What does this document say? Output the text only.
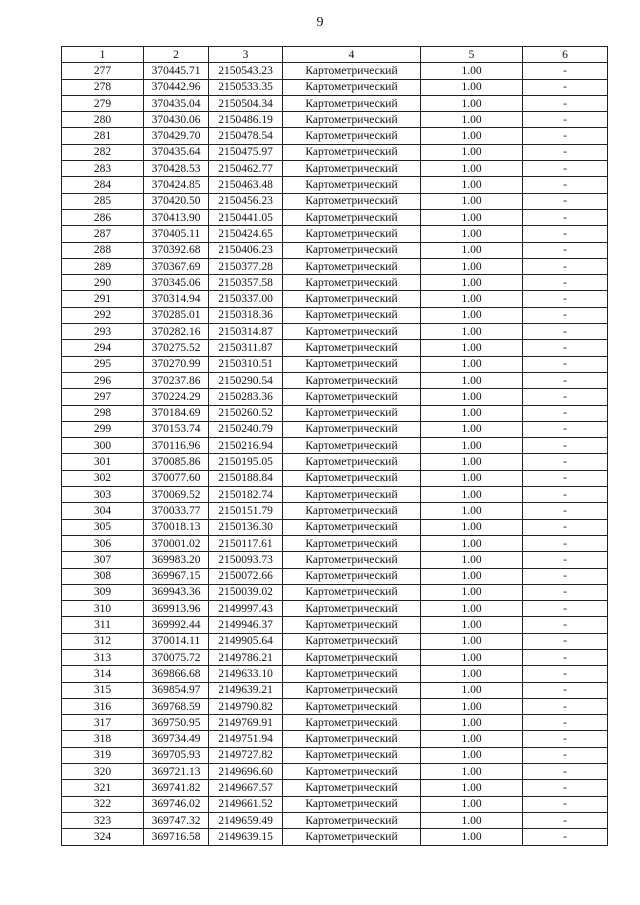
9
1	2	3	4	5	6
277	370445.71	2150543.23	Картометрический	1.00	-
278	370442.96	2150533.35	Картометрический	1.00	-
279	370435.04	2150504.34	Картометрический	1.00	-
280	370430.06	2150486.19	Картометрический	1.00	-
281	370429.70	2150478.54	Картометрический	1.00	-
282	370435.64	2150475.97	Картометрический	1.00	-
283	370428.53	2150462.77	Картометрический	1.00	-
284	370424.85	2150463.48	Картометрический	1.00	-
285	370420.50	2150456.23	Картометрический	1.00	-
286	370413.90	2150441.05	Картометрический	1.00	-
287	370405.11	2150424.65	Картометрический	1.00	-
288	370392.68	2150406.23	Картометрический	1.00	-
289	370367.69	2150377.28	Картометрический	1.00	-
290	370345.06	2150357.58	Картометрический	1.00	-
291	370314.94	2150337.00	Картометрический	1.00	-
292	370285.01	2150318.36	Картометрический	1.00	-
293	370282.16	2150314.87	Картометрический	1.00	-
294	370275.52	2150311.87	Картометрический	1.00	-
295	370270.99	2150310.51	Картометрический	1.00	-
296	370237.86	2150290.54	Картометрический	1.00	-
297	370224.29	2150283.36	Картометрический	1.00	-
298	370184.69	2150260.52	Картометрический	1.00	-
299	370153.74	2150240.79	Картометрический	1.00	-
300	370116.96	2150216.94	Картометрический	1.00	-
301	370085.86	2150195.05	Картометрический	1.00	-
302	370077.60	2150188.84	Картометрический	1.00	-
303	370069.52	2150182.74	Картометрический	1.00	-
304	370033.77	2150151.79	Картометрический	1.00	-
305	370018.13	2150136.30	Картометрический	1.00	-
306	370001.02	2150117.61	Картометрический	1.00	-
307	369983.20	2150093.73	Картометрический	1.00	-
308	369967.15	2150072.66	Картометрический	1.00	-
309	369943.36	2150039.02	Картометрический	1.00	-
310	369913.96	2149997.43	Картометрический	1.00	-
311	369992.44	2149946.37	Картометрический	1.00	-
312	370014.11	2149905.64	Картометрический	1.00	-
313	370075.72	2149786.21	Картометрический	1.00	-
314	369866.68	2149633.10	Картометрический	1.00	-
315	369854.97	2149639.21	Картометрический	1.00	-
316	369768.59	2149790.82	Картометрический	1.00	-
317	369750.95	2149769.91	Картометрический	1.00	-
318	369734.49	2149751.94	Картометрический	1.00	-
319	369705.93	2149727.82	Картометрический	1.00	-
320	369721.13	2149696.60	Картометрический	1.00	-
321	369741.82	2149667.57	Картометрический	1.00	-
322	369746.02	2149661.52	Картометрический	1.00	-
323	369747.32	2149659.49	Картометрический	1.00	-
324	369716.58	2149639.15	Картометрический	1.00	-
